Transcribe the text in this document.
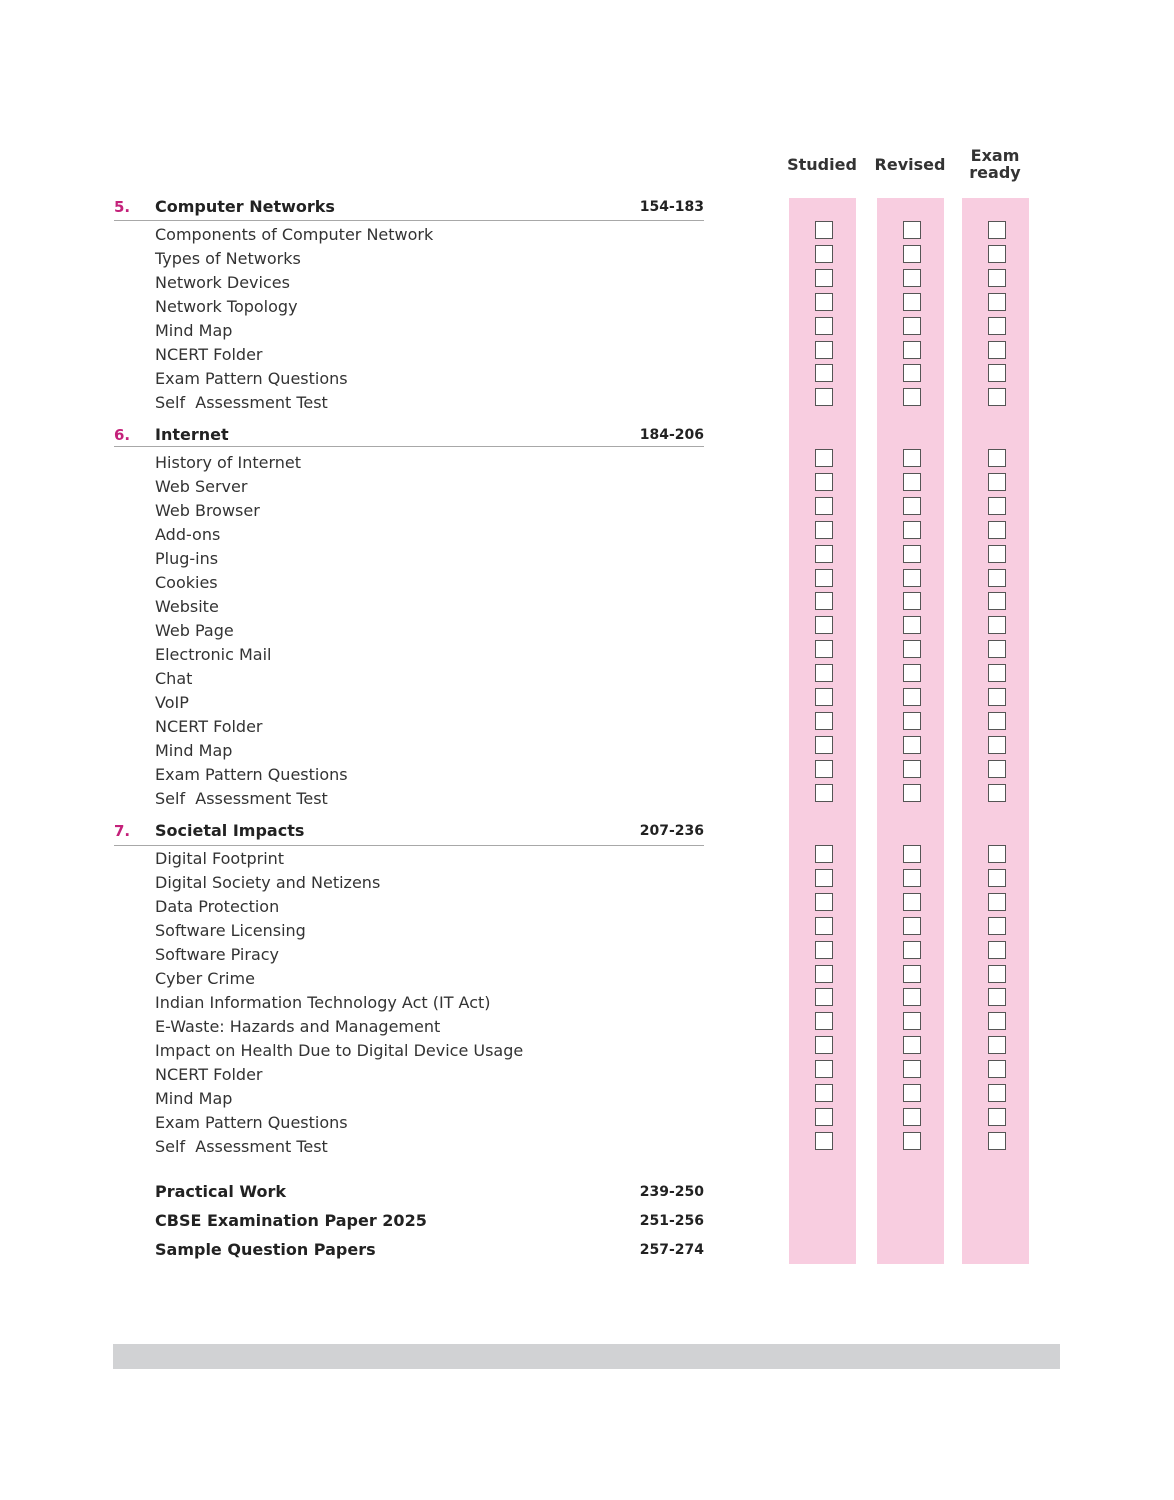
Studied	Revised	Exam
ready
5. Computer Networks	154-183
Components of Computer Network
Types of Networks
Network Devices
Network Topology
Mind Map
NCERT Folder
Exam Pattern Questions
Self  Assessment Test
6. Internet	184-206
History of Internet
Web Server
Web Browser
Add-ons
Plug-ins
Cookies
Website
Web Page
Electronic Mail
Chat
VoIP
NCERT Folder
Mind Map
Exam Pattern Questions
Self  Assessment Test
7. Societal Impacts	207-236
Digital Footprint
Digital Society and Netizens
Data Protection
Software Licensing
Software Piracy
Cyber Crime
Indian Information Technology Act (IT Act)
E-Waste: Hazards and Management
Impact on Health Due to Digital Device Usage
NCERT Folder
Mind Map
Exam Pattern Questions
Self  Assessment Test
Practical Work	239-250
CBSE Examination Paper 2025	251-256
Sample Question Papers	257-274
